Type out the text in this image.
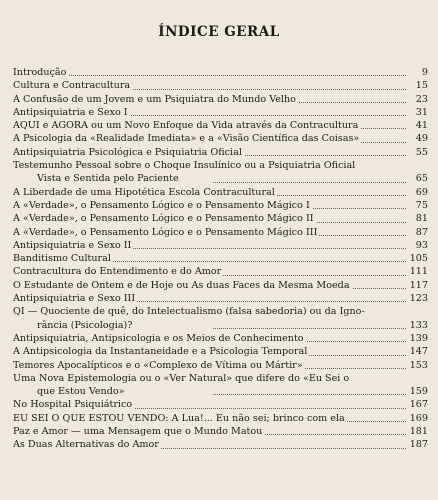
ÍNDICE GERAL
Introdução	9
Cultura e Contracultura	15
A Confusão de um Jovem e um Psiquiatra do Mundo Velho	23
Antipsiquiatria e Sexo I	31
AQUI e AGORA ou um Novo Enfoque da Vida através da Contracultura	41
A Psicologia da «Realidade Imediata» e a «Visão Científica das Coisas»	49
Antipsiquiatria Psicológica e Psiquiatria Oficial	55
Testemunho Pessoal sobre o Choque Insulínico ou a Psiquiatria Oficial
Vista e Sentida pelo Paciente	65
A Liberdade de uma Hipotética Escola Contracultural	69
A «Verdade», o Pensamento Lógico e o Pensamento Mágico I	75
A «Verdade», o Pensamento Lógico e o Pensamento Mágico II	81
A «Verdade», o Pensamento Lógico e o Pensamento Mágico III	87
Antipsiquiatria e Sexo II	93
Banditismo Cultural	105
Contracultura do Entendimento e do Amor	111
O Estudante de Ontem e de Hoje ou As duas Faces da Mesma Moeda	117
Antipsiquiatria e Sexo III	123
QI — Quociente de quê, do Intelectualismo (falsa sabedoria) ou da Igno-
rância (Psicologia)?	133
Antipsiquiatria, Antipsicologia e os Meios de Conhecimento	139
A Antipsicologia da Instantaneidade e a Psicologia Temporal	147
Temores Apocalípticos e o «Complexo de Vítima ou Mártir»	153
Uma Nova Epistemologia ou o «Ver Natural» que difere do «Eu Sei o
que Estou Vendo»	159
No Hospital Psiquiátrico	167
EU SEI O QUE ESTOU VENDO: A Lua!... Eu não sei; brinco com ela	169
Paz e Amor — uma Mensagem que o Mundo Matou	181
As Duas Alternativas do Amor	187
